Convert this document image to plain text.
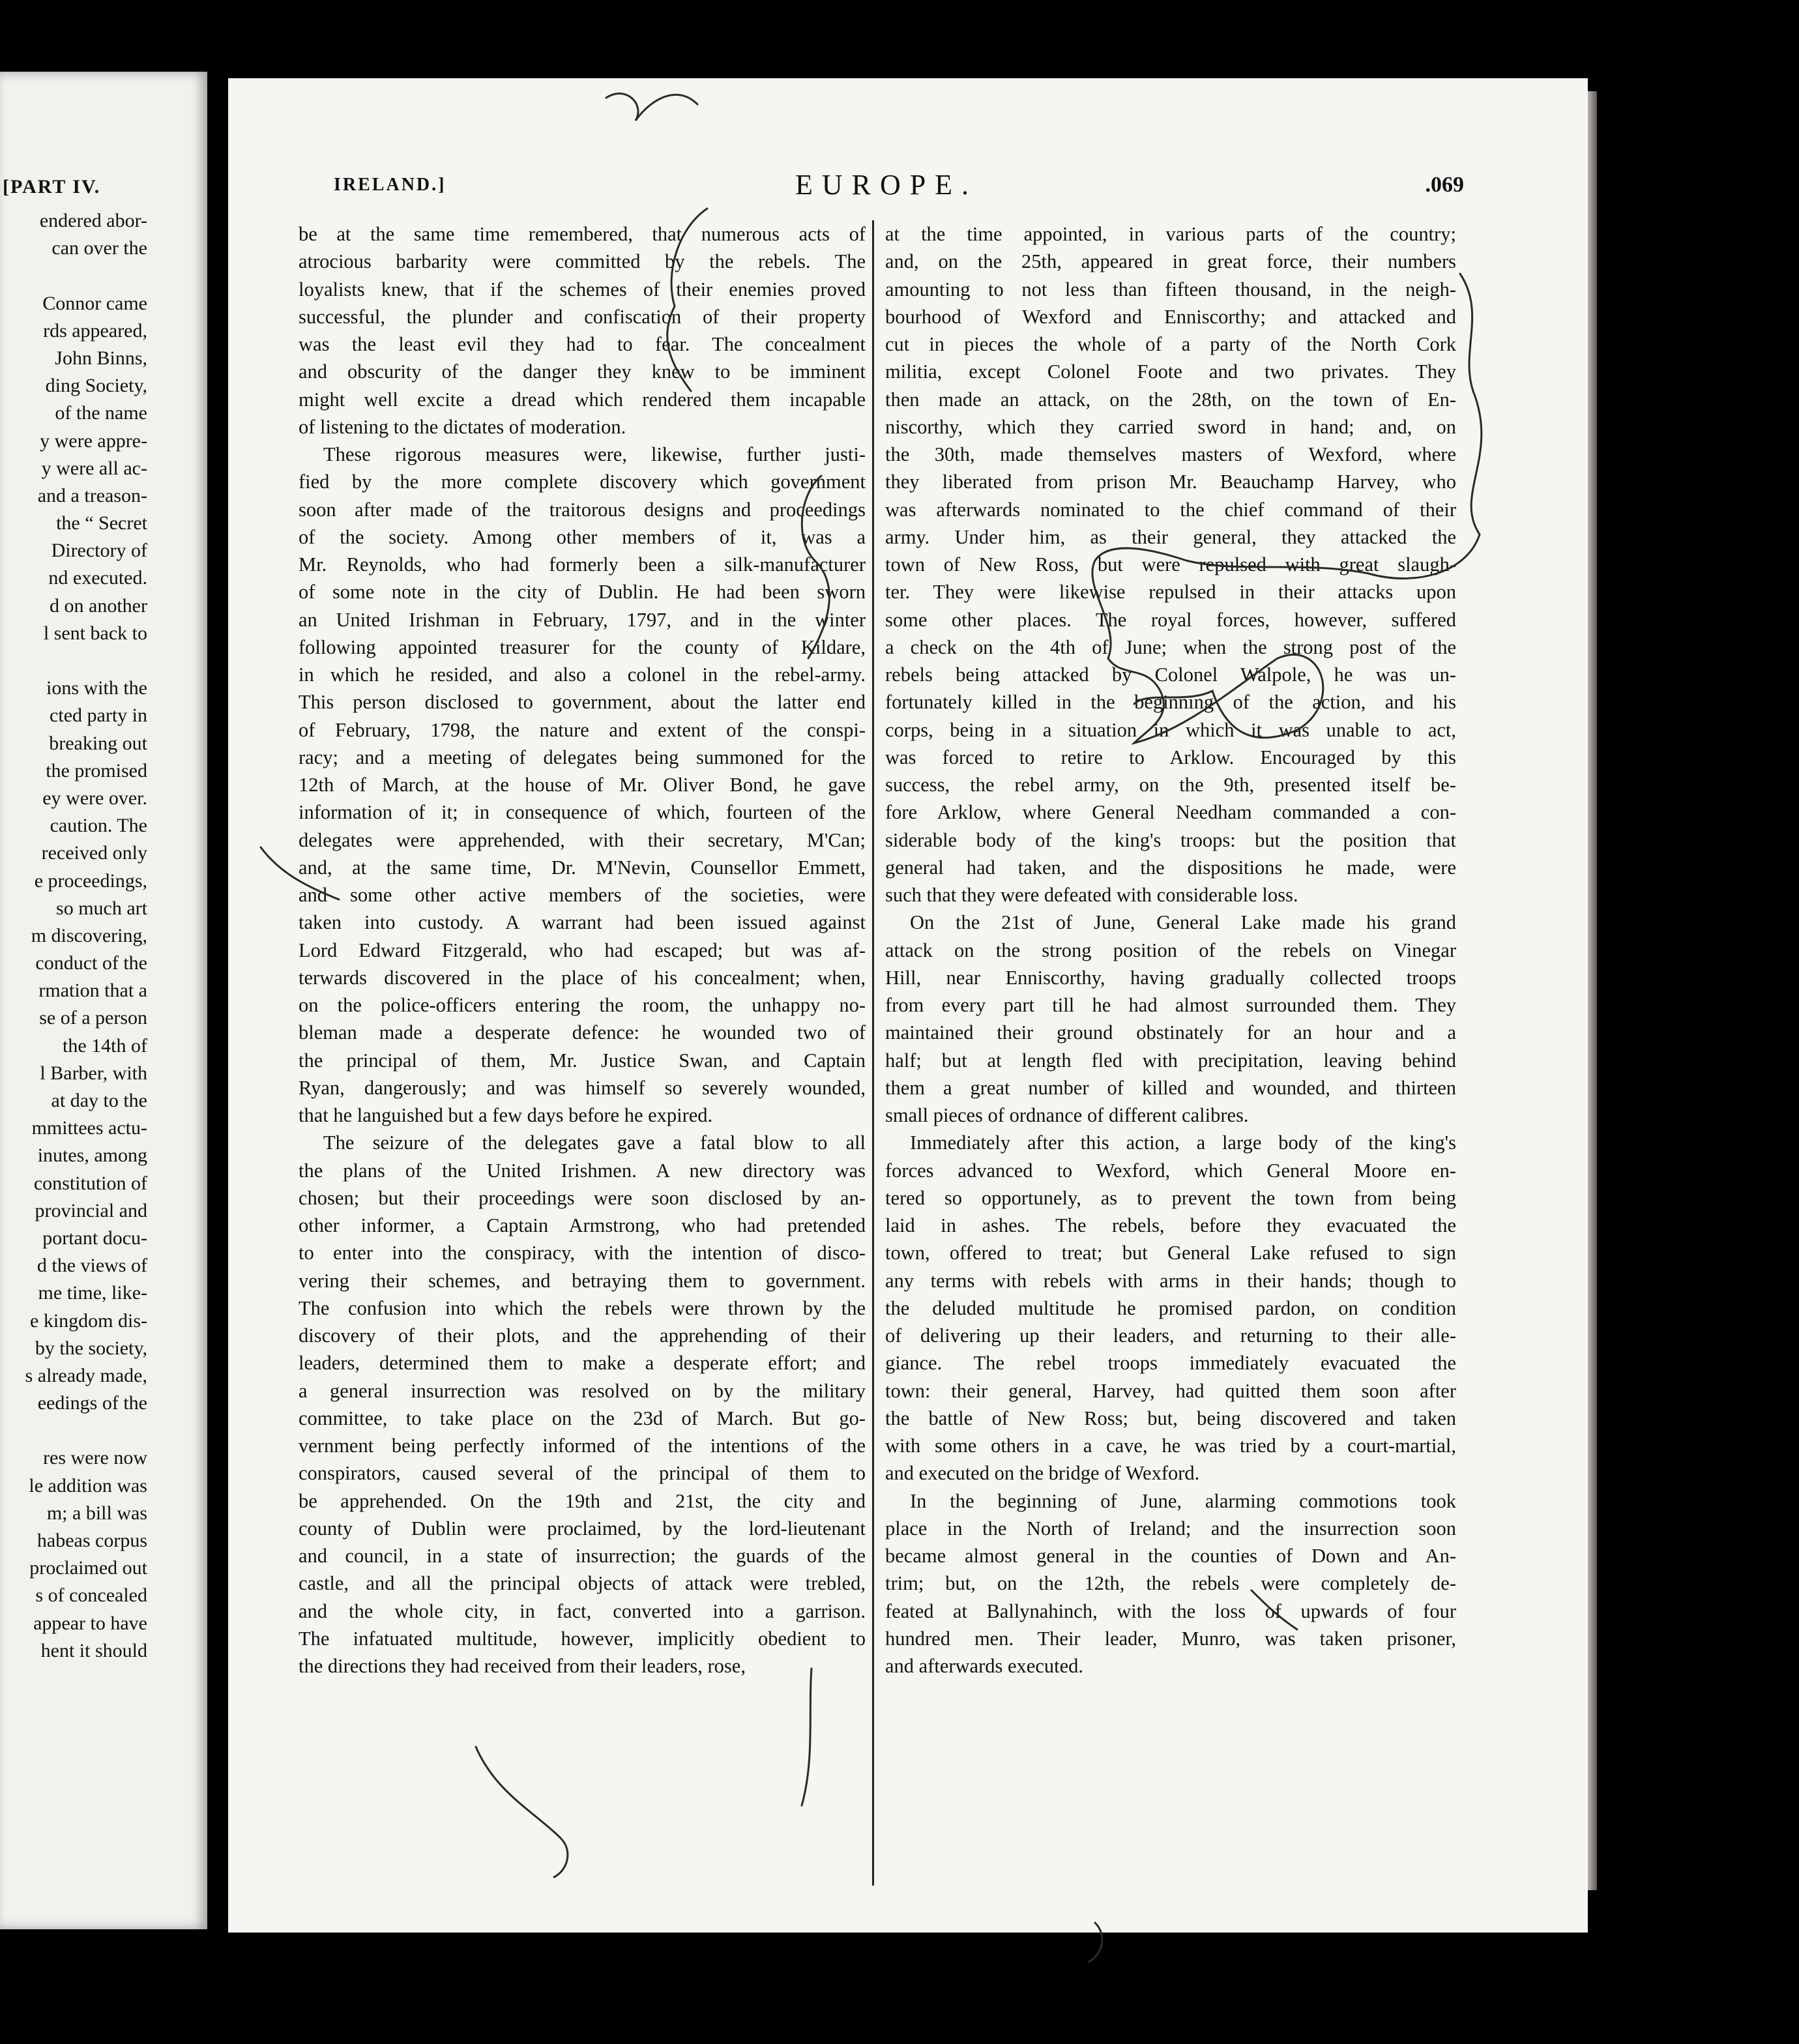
[PART IV.
endered abor-
can over the
Connor came
rds appeared,
John Binns,
ding Society,
of the name
y were appre-
y were all ac-
and a treason-
the “ Secret
Directory of
nd executed.
d on another
l sent back to
ions with the
cted party in
breaking out
the promised
ey were over.
caution. The
received only
e proceedings,
so much art
m discovering,
conduct of the
rmation that a
se of a person
the 14th of
l Barber, with
at day to the
mmittees actu-
inutes, among
constitution of
provincial and
portant docu-
d the views of
me time, like-
e kingdom dis-
by the society,
s already made,
eedings of the
res were now
le addition was
m; a bill was
habeas corpus
proclaimed out
s of concealed
appear to have
hent it should
IRELAND.]	EUROPE.	.069
be at the same time remembered, that numerous acts of
atrocious barbarity were committed by the rebels. The
loyalists knew, that if the schemes of their enemies proved
successful, the plunder and confiscation of their property
was the least evil they had to fear. The concealment
and obscurity of the danger they knew to be imminent
might well excite a dread which rendered them incapable
of listening to the dictates of moderation.
These rigorous measures were, likewise, further justi-
fied by the more complete discovery which government
soon after made of the traitorous designs and proceedings
of the society. Among other members of it, was a
Mr. Reynolds, who had formerly been a silk-manufacturer
of some note in the city of Dublin. He had been sworn
an United Irishman in February, 1797, and in the winter
following appointed treasurer for the county of Kildare,
in which he resided, and also a colonel in the rebel-army.
This person disclosed to government, about the latter end
of February, 1798, the nature and extent of the conspi-
racy; and a meeting of delegates being summoned for the
12th of March, at the house of Mr. Oliver Bond, he gave
information of it; in consequence of which, fourteen of the
delegates were apprehended, with their secretary, M'Can;
and, at the same time, Dr. M'Nevin, Counsellor Emmett,
and some other active members of the societies, were
taken into custody. A warrant had been issued against
Lord Edward Fitzgerald, who had escaped; but was af-
terwards discovered in the place of his concealment; when,
on the police-officers entering the room, the unhappy no-
bleman made a desperate defence: he wounded two of
the principal of them, Mr. Justice Swan, and Captain
Ryan, dangerously; and was himself so severely wounded,
that he languished but a few days before he expired.
The seizure of the delegates gave a fatal blow to all
the plans of the United Irishmen. A new directory was
chosen; but their proceedings were soon disclosed by an-
other informer, a Captain Armstrong, who had pretended
to enter into the conspiracy, with the intention of disco-
vering their schemes, and betraying them to government.
The confusion into which the rebels were thrown by the
discovery of their plots, and the apprehending of their
leaders, determined them to make a desperate effort; and
a general insurrection was resolved on by the military
committee, to take place on the 23d of March. But go-
vernment being perfectly informed of the intentions of the
conspirators, caused several of the principal of them to
be apprehended. On the 19th and 21st, the city and
county of Dublin were proclaimed, by the lord-lieutenant
and council, in a state of insurrection; the guards of the
castle, and all the principal objects of attack were trebled,
and the whole city, in fact, converted into a garrison.
The infatuated multitude, however, implicitly obedient to
the directions they had received from their leaders, rose,
at the time appointed, in various parts of the country;
and, on the 25th, appeared in great force, their numbers
amounting to not less than fifteen thousand, in the neigh-
bourhood of Wexford and Enniscorthy; and attacked and
cut in pieces the whole of a party of the North Cork
militia, except Colonel Foote and two privates. They
then made an attack, on the 28th, on the town of En-
niscorthy, which they carried sword in hand; and, on
the 30th, made themselves masters of Wexford, where
they liberated from prison Mr. Beauchamp Harvey, who
was afterwards nominated to the chief command of their
army. Under him, as their general, they attacked the
town of New Ross, but were repulsed with great slaugh-
ter. They were likewise repulsed in their attacks upon
some other places. The royal forces, however, suffered
a check on the 4th of June; when the strong post of the
rebels being attacked by Colonel Walpole, he was un-
fortunately killed in the beginning of the action, and his
corps, being in a situation in which it was unable to act,
was forced to retire to Arklow. Encouraged by this
success, the rebel army, on the 9th, presented itself be-
fore Arklow, where General Needham commanded a con-
siderable body of the king's troops: but the position that
general had taken, and the dispositions he made, were
such that they were defeated with considerable loss.
On the 21st of June, General Lake made his grand
attack on the strong position of the rebels on Vinegar
Hill, near Enniscorthy, having gradually collected troops
from every part till he had almost surrounded them. They
maintained their ground obstinately for an hour and a
half; but at length fled with precipitation, leaving behind
them a great number of killed and wounded, and thirteen
small pieces of ordnance of different calibres.
Immediately after this action, a large body of the king's
forces advanced to Wexford, which General Moore en-
tered so opportunely, as to prevent the town from being
laid in ashes. The rebels, before they evacuated the
town, offered to treat; but General Lake refused to sign
any terms with rebels with arms in their hands; though to
the deluded multitude he promised pardon, on condition
of delivering up their leaders, and returning to their alle-
giance. The rebel troops immediately evacuated the
town: their general, Harvey, had quitted them soon after
the battle of New Ross; but, being discovered and taken
with some others in a cave, he was tried by a court-martial,
and executed on the bridge of Wexford.
In the beginning of June, alarming commotions took
place in the North of Ireland; and the insurrection soon
became almost general in the counties of Down and An-
trim; but, on the 12th, the rebels were completely de-
feated at Ballynahinch, with the loss of upwards of four
hundred men. Their leader, Munro, was taken prisoner,
and afterwards executed.
